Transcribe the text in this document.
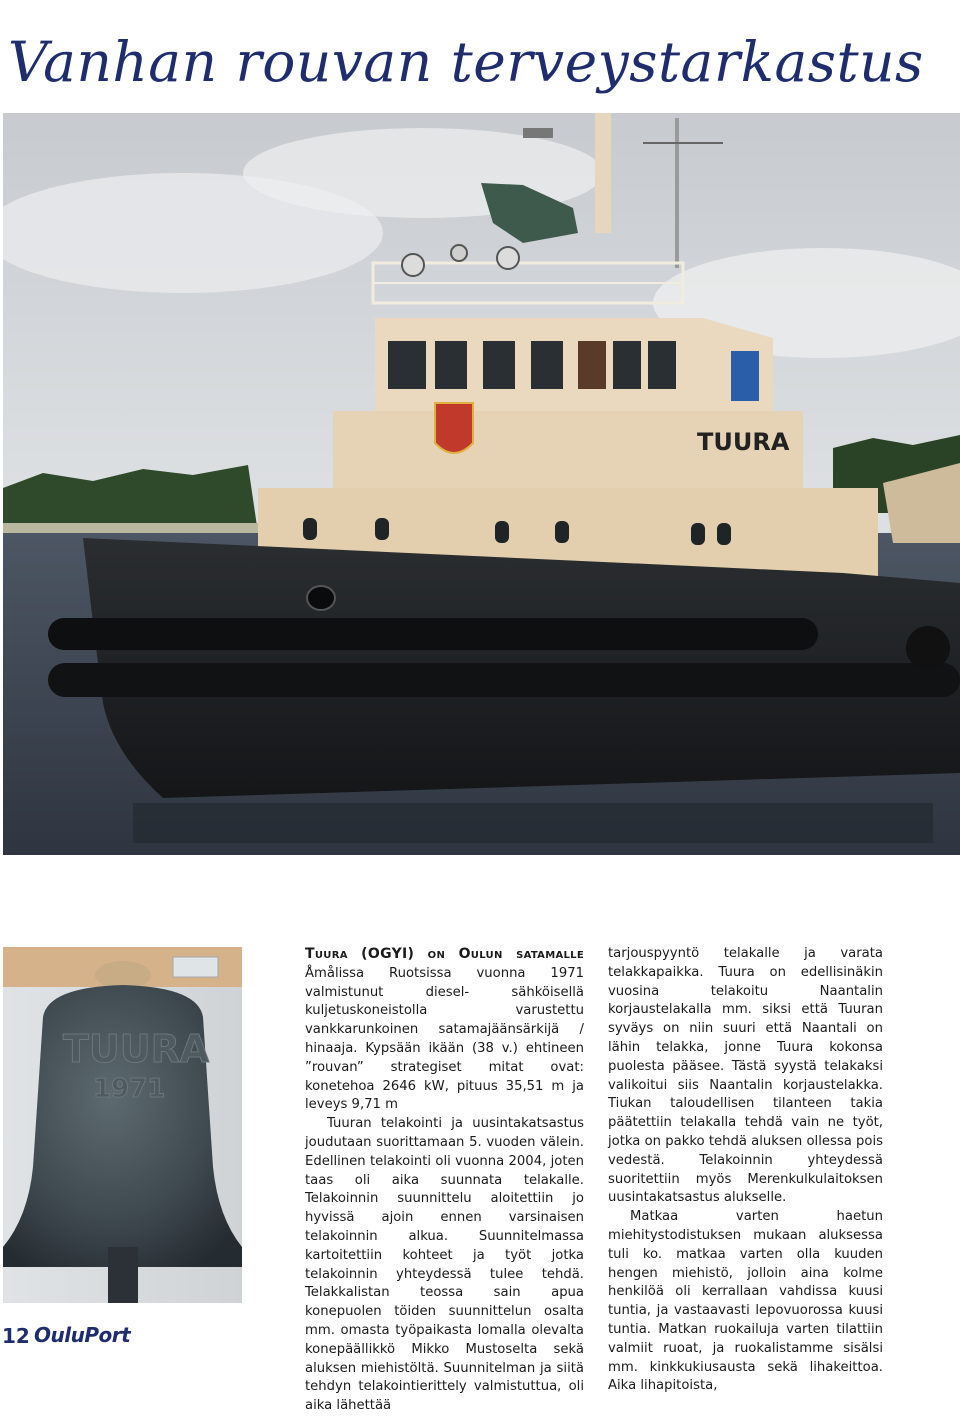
Vanhan rouvan terveystarkastus
TUURA
TUURA
1971

Tuura (OGYI) on Oulun satamalle Åmålissa Ruotsissa vuonna 1971 valmistunut diesel- sähköisellä kuljetuskoneistolla varustettu vankkarunkoinen satamajäänsärkijä / hinaaja. Kypsään ikään (38 v.) ehtineen ”rouvan” strategiset mitat ovat: konetehoa 2646 kW, pituus 35,51 m ja leveys 9,71 m

Tuuran telakointi ja uusintakatsastus joudutaan suorittamaan 5. vuoden välein. Edellinen telakointi oli vuonna 2004, joten taas oli aika suunnata telakalle. Telakoinnin suunnittelu aloitettiin jo hyvissä ajoin ennen varsinaisen telakoinnin alkua. Suunnitelmassa kartoitettiin kohteet ja työt jotka telakoinnin yhteydessä tulee tehdä. Telakkalistan teossa sain apua konepuolen töiden suunnittelun osalta mm. omasta työpaikasta lomalla olevalta konepäällikkö Mikko Mustoselta sekä aluksen miehistöltä. Suunnitelman ja siitä tehdyn telakointierittely valmistuttua, oli aika lähettää

tarjouspyyntö telakalle ja varata telakkapaikka. Tuura on edellisinäkin vuosina telakoitu Naantalin korjaustelakalla mm. siksi että Tuuran syväys on niin suuri että Naantali on lähin telakka, jonne Tuura kokonsa puolesta pääsee. Tästä syystä telakaksi valikoitui siis Naantalin korjaustelakka. Tiukan taloudellisen tilanteen takia päätettiin telakalla tehdä vain ne työt, jotka on pakko tehdä aluksen ollessa pois vedestä. Telakoinnin yhteydessä suoritettiin myös Merenkulkulaitoksen uusintakatsastus alukselle.

Matkaa varten haetun miehitystodistuksen mukaan aluksessa tuli ko. matkaa varten olla kuuden hengen miehistö, jolloin aina kolme henkilöä oli kerrallaan vahdissa kuusi tuntia, ja vastaavasti lepovuorossa kuusi tuntia. Matkan ruokailuja varten tilattiin valmiit ruoat, ja ruokalistamme sisälsi mm. kinkkukiusausta sekä lihakeittoa. Aika lihapitoista,

12 OuluPort
